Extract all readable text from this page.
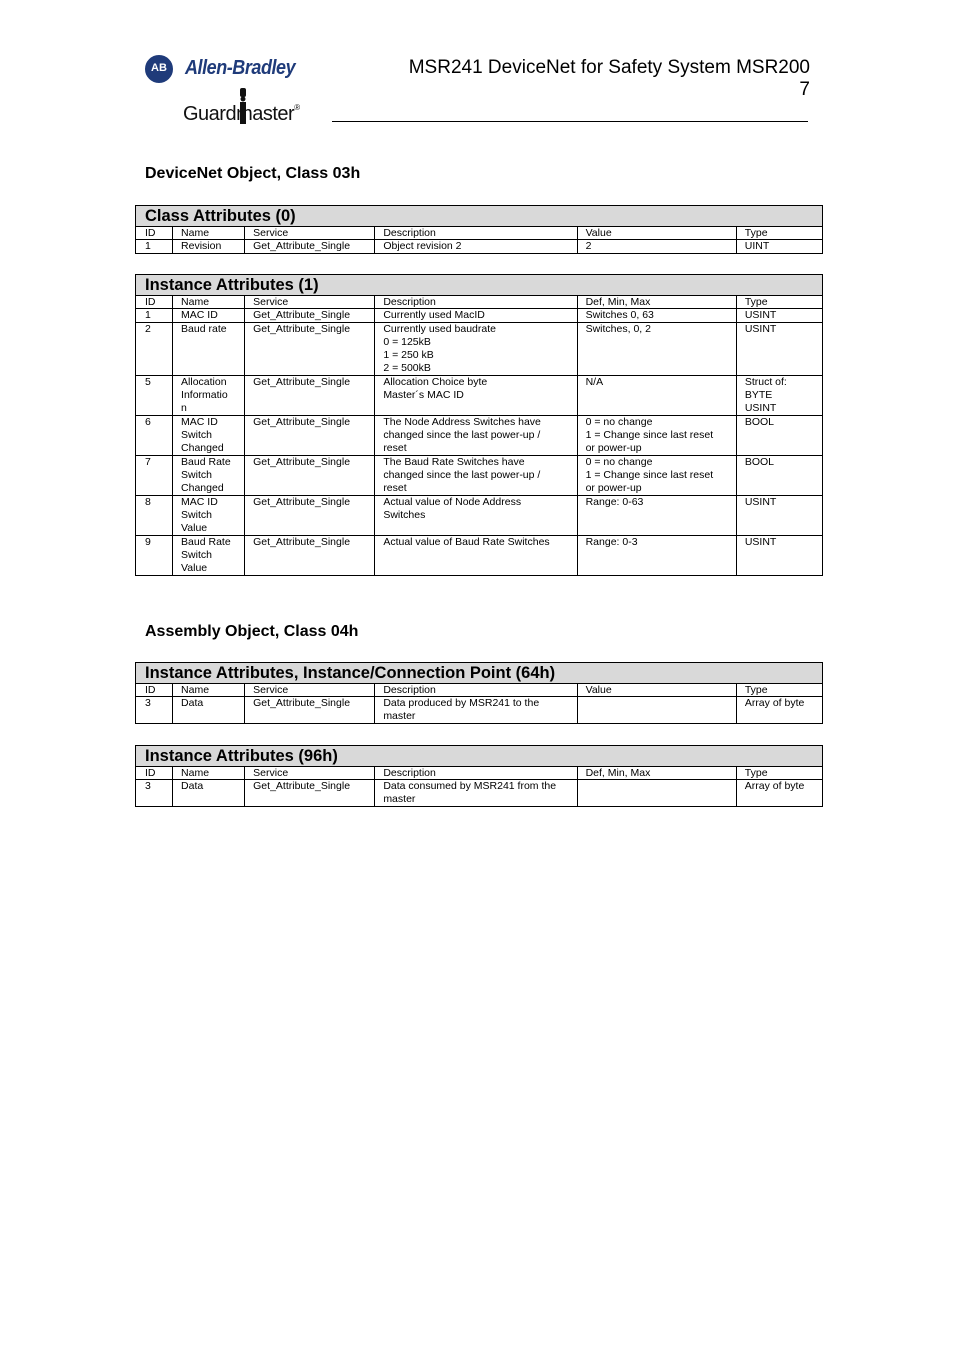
AB Allen-Bradley
Guardmaster®
MSR241 DeviceNet for Safety System MSR200
7
DeviceNet Object, Class 03h
Class Attributes (0)					
ID	Name	Service	Description	Value	Type
1	Revision	Get_Attribute_Single	Object revision 2	2	UINT
Instance Attributes (1)					
ID	Name	Service	Description	Def, Min, Max	Type
1	MAC ID	Get_Attribute_Single	Currently used MacID	Switches 0, 63	USINT
2	Baud rate	Get_Attribute_Single	Currently used baudrate
0 = 125kB
1 = 250 kB
2 = 500kB	Switches, 0, 2	USINT
5	Allocation
Informatio
n	Get_Attribute_Single	Allocation Choice byte
Master´s MAC ID	N/A	Struct of:
BYTE
USINT
6	MAC ID
Switch
Changed	Get_Attribute_Single	The Node Address Switches have
changed since the last power-up /
reset	0 = no change
1 = Change since last reset
or power-up	BOOL
7	Baud Rate
Switch
Changed	Get_Attribute_Single	The Baud Rate Switches have
changed since the last power-up /
reset	0 = no change
1 = Change since last reset
or power-up	BOOL
8	MAC ID
Switch
Value	Get_Attribute_Single	Actual value of Node Address
Switches	Range: 0-63	USINT
9	Baud Rate
Switch
Value	Get_Attribute_Single	Actual value of Baud Rate Switches	Range: 0-3	USINT
Assembly Object, Class 04h
Instance Attributes, Instance/Connection Point (64h)					
ID	Name	Service	Description	Value	Type
3	Data	Get_Attribute_Single	Data produced by MSR241 to the
master		Array of byte
Instance Attributes (96h)					
ID	Name	Service	Description	Def, Min, Max	Type
3	Data	Get_Attribute_Single	Data consumed by MSR241 from the
master		Array of byte
